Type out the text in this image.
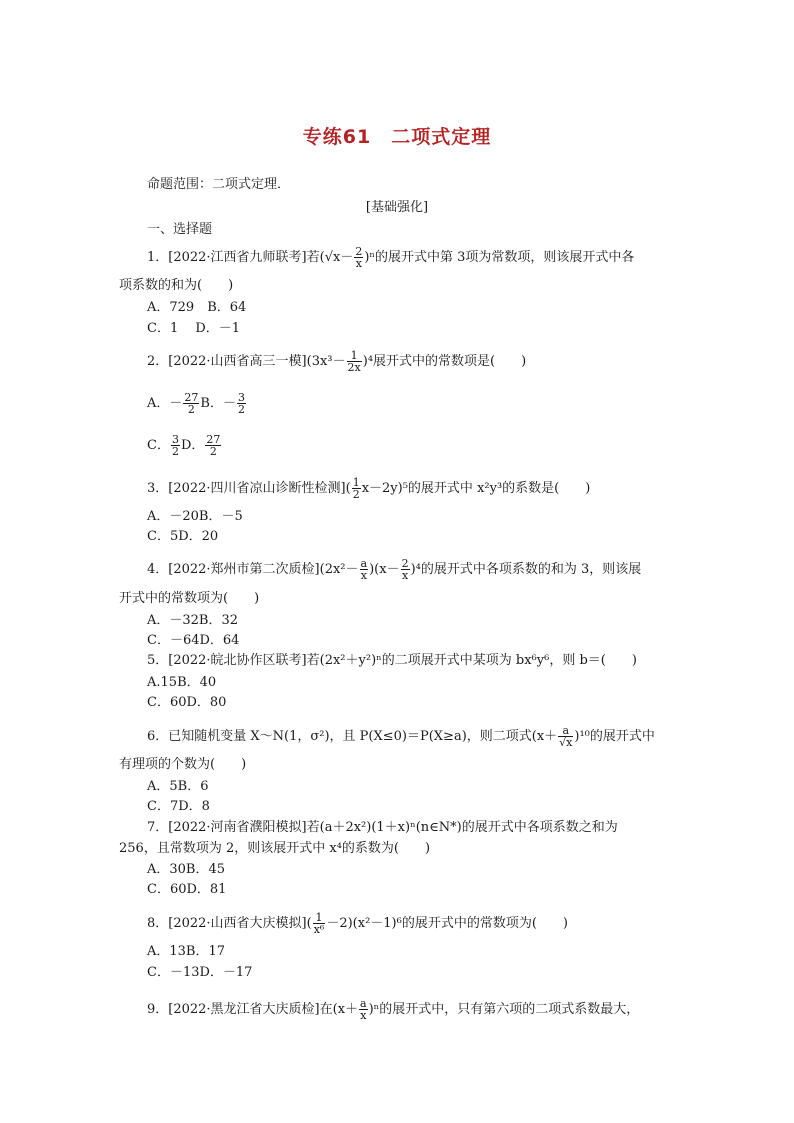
专练61　二项式定理
命题范围：二项式定理．
[基础强化]
一、选择题
1．[2022·江西省九师联考]若$(√x- \frac{2}{x} )^n$的展开式中第 3项为常数项，则该展开式中各
项系数的和为(　　)
A．729　B．64
C．1　 D．－1
2．[2022·山西省高三一模]$(3x^3- \frac{1}{2x} )^4$展开式中的常数项是(　　)
A．－ $\frac{27}{2}$ B．－ $\frac{3}{2}$
C． $\frac{3}{2}$ D． $\frac{27}{2}$
3．[2022·四川省凉山诊断性检测]( $\frac{1}{2} x-2y)^5$的展开式中 x²y³的系数是(　　)
A．－20B．－5
C．5D．20
4．[2022·郑州市第二次质检]$(2x^2- \frac{a}{x} )(x- \frac{2}{x} )^4$的展开式中各项系数的和为 3，则该展
开式中的常数项为(　　)
A．－32B．32
C．－64D．64
5．[2022·皖北协作区联考]若(2x²＋y²)ⁿ的二项展开式中某项为 bx⁶y⁶，则 b＝(　　)
A.15B．40
C．60D．80
6．已知随机变量 X～N(1，σ²)，且 P(X≤0)＝P(X≥a)，则二项式$(x+ \frac{a}{√x} )^{10}$的展开式中
有理项的个数为(　　)
A．5B．6
C．7D．8
7．[2022·河南省濮阳模拟]若(a＋2x²)(1＋x)ⁿ(n∈N*)的展开式中各项系数之和为
256，且常数项为 2，则该展开式中 x⁴的系数为(　　)
A．30B．45
C．60D．81
8．[2022·山西省大庆模拟]( $\frac{1}{\text{x⁶}} -2)(x^2-1)^6$的展开式中的常数项为(　　)
A．13B．17
C．－13D．－17
9．[2022·黑龙江省大庆质检]在$(x+ \frac{a}{x} )^n$的展开式中，只有第六项的二项式系数最大，
